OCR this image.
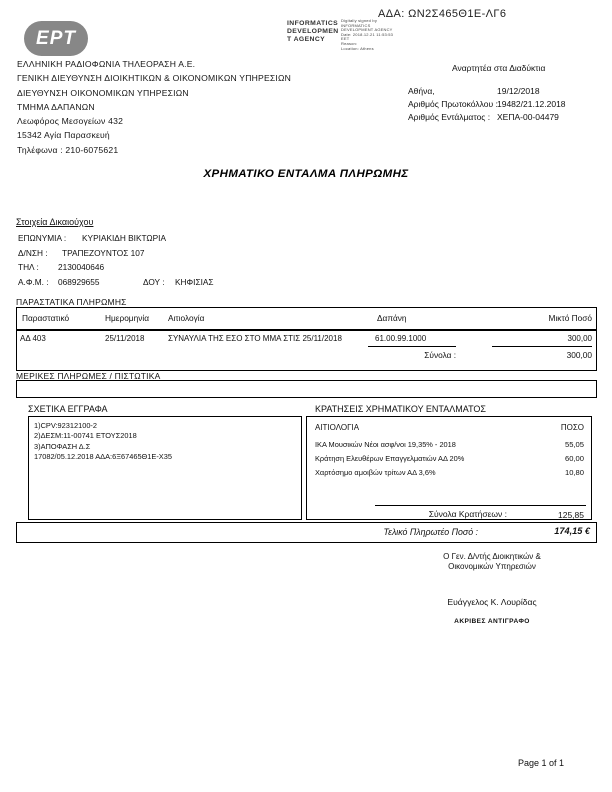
ΑΔΑ: ΩΝ2Σ465Θ1Ε-ΛΓ6
EPT
INFORMATICS
DEVELOPMEN
T AGENCY
Digitally signed by
INFORMATICS
DEVELOPMENT AGENCY
Date: 2018.12.21 11:53:53
EET
Reason:
Location: Athens
ΕΛΛΗΝΙΚΗ ΡΑΔΙΟΦΩΝΙΑ ΤΗΛΕΟΡΑΣΗ Α.Ε.
ΓΕΝΙΚΗ ΔΙΕΥΘΥΝΣΗ ΔΙΟΙΚΗΤΙΚΩΝ & ΟΙΚΟΝΟΜΙΚΩΝ ΥΠΗΡΕΣΙΩΝ
ΔΙΕΥΘΥΝΣΗ ΟΙΚΟΝΟΜΙΚΩΝ ΥΠΗΡΕΣΙΩΝ
ΤΜΗΜΑ ΔΑΠΑΝΩΝ
Λεωφόρος Μεσογείων 432
15342 Αγία Παρασκευή
Τηλέφωνα : 210-6075621
Αναρτητέα στα Διαδύκτια
Αθήνα,	19/12/2018
Αριθμός Πρωτοκόλλου : 19482/21.12.2018
Αριθμός Εντάλματος : ΧΕΠΑ-00-04479
ΧΡΗΜΑΤΙΚΟ ΕΝΤΑΛΜΑ ΠΛΗΡΩΜΗΣ
Στοιχεία Δικαιούχου
ΕΠΩΝΥΜΙΑ : ΚΥΡΙΑΚΙΔΗ ΒΙΚΤΩΡΙΑ
Δ/ΝΣΗ : ΤΡΑΠΕΖΟΥΝΤΟΣ 107
ΤΗΛ : 2130040646
Α.Φ.Μ. : 068929655	ΔΟΥ : ΚΗΦΙΣΙΑΣ
ΠΑΡΑΣΤΑΤΙΚΑ ΠΛΗΡΩΜΗΣ
Παραστατικό	Ημερομηνία Αιτιολογία	Δαπάνη	Μικτό Ποσό
ΑΔ 403	25/11/2018	ΣΥΝΑΥΛΙΑ ΤΗΣ ΕΣΟ ΣΤΟ ΜΜΑ ΣΤΙΣ 25/11/2018	61.00.99.1000	300,00
Σύνολα :	300,00
ΜΕΡΙΚΕΣ ΠΛΗΡΩΜΕΣ / ΠΙΣΤΩΤΙΚΑ
ΣΧΕΤΙΚΑ ΕΓΓΡΑΦΑ	ΚΡΑΤΗΣΕΙΣ ΧΡΗΜΑΤΙΚΟΥ ΕΝΤΑΛΜΑΤΟΣ
1)CPV:92312100-2
2)ΔΕΣΜ:11-00741 ΕΤΟΥΣ2018
3)ΑΠΟΦΑΣΗ Δ.Σ
17082/05.12.2018 ΑΔΑ:6Ξ67465Θ1Ε-Χ35
ΑΙΤΙΟΛΟΓΙΑ	ΠΟΣΟ
ΙΚΑ Μουσικών Νέοι ασφ/νοι 19,35% - 2018	55,05
Κράτηση Ελευθέρων Επαγγελματιών ΑΔ 20%	60,00
Χαρτόσημο αμοιβών τρίτων ΑΔ 3,6%	10,80
Σύνολα Κρατήσεων :	125,85
Τελικό Πληρωτέο Ποσό :	174,15 €
Ο Γεν. Δ/ντής Διοικητικών &
Οικονομικών Υπηρεσιών
Ευάγγελος Κ. Λουρίδας
ΑΚΡΙΒΕΣ ΑΝΤΙΓΡΑΦΟ
Page 1 of 1
